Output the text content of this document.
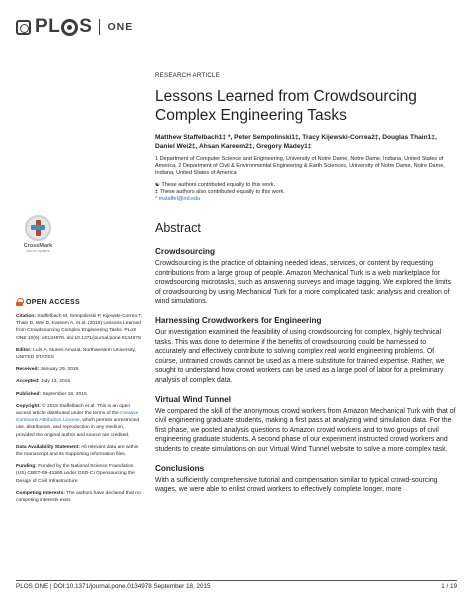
PL S ONE
RESEARCH ARTICLE
Lessons Learned from Crowdsourcing Complex Engineering Tasks
Matthew Staffelbach1‡ *, Peter Sempolinski1‡, Tracy Kijewski-Correa2‡, Douglas Thain1‡, Daniel Wei2‡, Ahsan Kareem2‡, Gregory Madey1‡
1 Department of Computer Science and Engineering, University of Notre Dame, Notre Dame, Indiana, United States of America, 2 Department of Civil & Environmental Engineering & Earth Sciences, University of Notre Dame, Notre Dame, Indiana, United States of America
☯ These authors contributed equally to this work.
‡ These authors also contributed equally to this work.
* mstaffel@nd.edu
Abstract
Crowdsourcing
Crowdsourcing is the practice of obtaining needed ideas, services, or content by requesting contributions from a large group of people. Amazon Mechanical Turk is a web marketplace for crowdsourcing microtasks, such as answering surveys and image tagging. We explored the limits of crowdsourcing by using Mechanical Turk for a more complicated task: analysis and creation of wind simulations.
Harnessing Crowdworkers for Engineering
Our investigation examined the feasibility of using crowdsourcing for complex, highly technical tasks. This was done to determine if the benefits of crowdsourcing could be harnessed to accurately and effectively contribute to solving complex real world engineering problems. Of course, untrained crowds cannot be used as a mere substitute for trained expertise. Rather, we sought to understand how crowd workers can be used as a large pool of labor for a preliminary analysis of complex data.
Virtual Wind Tunnel
We compared the skill of the anonymous crowd workers from Amazon Mechanical Turk with that of civil engineering graduate students, making a first pass at analyzing wind simulation data. For the first phase, we posted analysis questions to Amazon crowd workers and to two groups of civil engineering graduate students. A second phase of our experiment instructed crowd workers and students to create simulations on our Virtual Wind Tunnel website to solve a more complex task.
Conclusions
With a sufficiently comprehensive tutorial and compensation similar to typical crowd-sourcing wages, we were able to enlist crowd workers to effectively complete longer, more
CrossMark
click for updates
OPEN ACCESS
Citation: Staffelbach M, Sempolinski P, Kijewski-Correa T, Thain D, Wei D, Kareem A, et al. (2015) Lessons Learned from Crowdsourcing Complex Engineering Tasks. PLoS ONE 10(9): e0134978. doi:10.1371/journal.pone.0134978
Editor: Luís A. Nunes Amaral, Northwestern University, UNITED STATES
Received: January 29, 2015
Accepted: July 13, 2015
Published: September 18, 2015
Copyright: © 2015 Staffelbach et al. This is an open access article distributed under the terms of the Creative Commons Attribution License, which permits unrestricted use, distribution, and reproduction in any medium, provided the original author and source are credited.
Data Availability Statement: All relevant data are within the manuscript and its Supporting Information files.
Funding: Funded by the National Science Foundation (US) CBET-09-41565 under OSD-CI Opensourcing the Design of Civil Infrastructure.
Competing Interests: The authors have declared that no competing interests exist.
PLOS ONE | DOI:10.1371/journal.pone.0134978 September 18, 2015	1 / 19
